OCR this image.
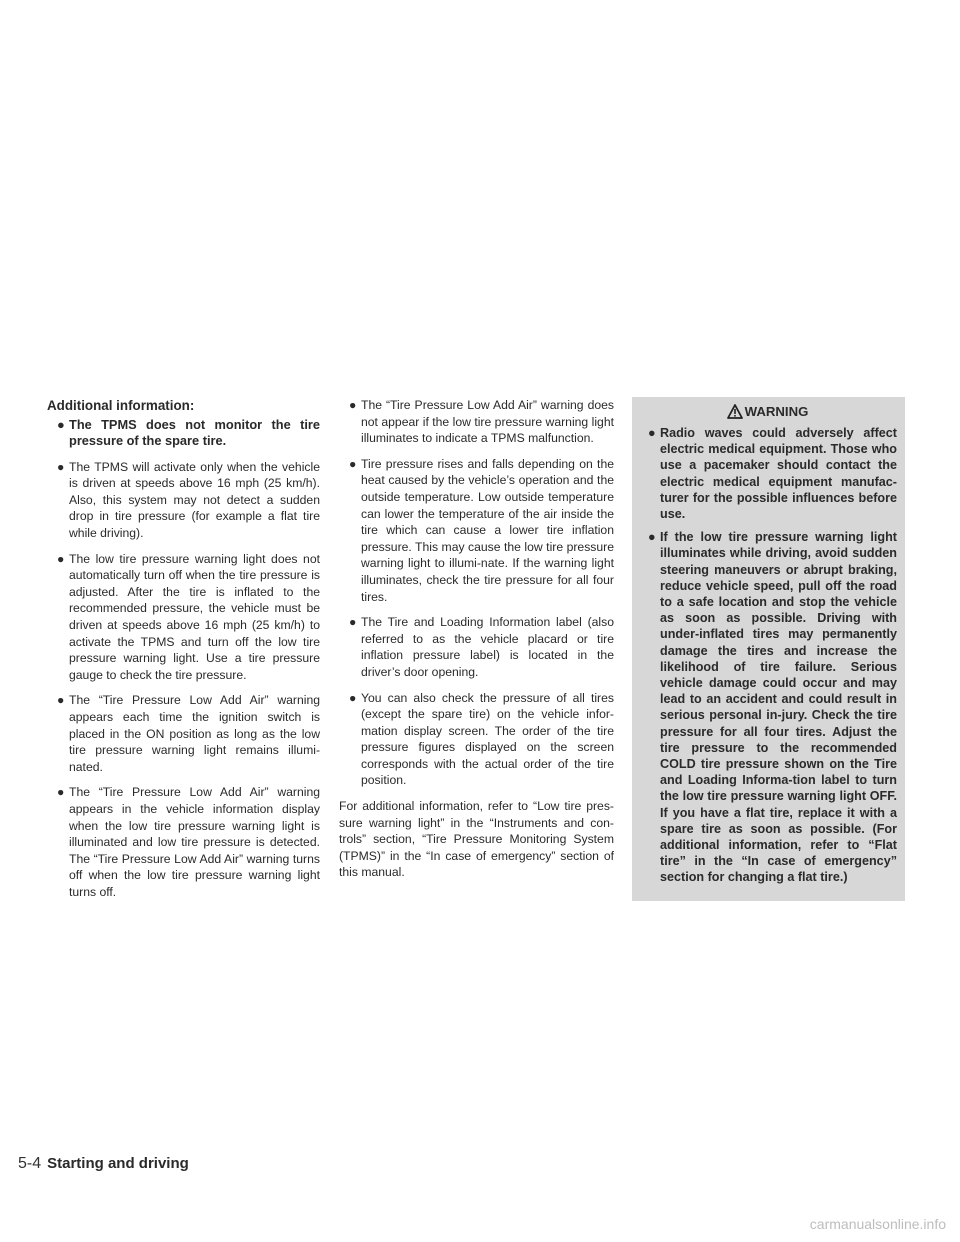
Additional information:
● The TPMS does not monitor the tire pressure of the spare tire.
● The TPMS will activate only when the vehicle is driven at speeds above 16 mph (25 km/h). Also, this system may not detect a sudden drop in tire pressure (for example a flat tire while driving).
● The low tire pressure warning light does not automatically turn off when the tire pressure is adjusted. After the tire is inflated to the recommended pressure, the vehicle must be driven at speeds above 16 mph (25 km/h) to activate the TPMS and turn off the low tire pressure warning light. Use a tire pressure gauge to check the tire pressure.
● The “Tire Pressure Low Add Air” warning appears each time the ignition switch is placed in the ON position as long as the low tire pressure warning light remains illumi-nated.
● The “Tire Pressure Low Add Air” warning appears in the vehicle information display when the low tire pressure warning light is illuminated and low tire pressure is detected. The “Tire Pressure Low Add Air” warning turns off when the low tire pressure warning light turns off.
● The “Tire Pressure Low Add Air” warning does not appear if the low tire pressure warning light illuminates to indicate a TPMS malfunction.
● Tire pressure rises and falls depending on the heat caused by the vehicle’s operation and the outside temperature. Low outside temperature can lower the temperature of the air inside the tire which can cause a lower tire inflation pressure. This may cause the low tire pressure warning light to illumi-nate. If the warning light illuminates, check the tire pressure for all four tires.
● The Tire and Loading Information label (also referred to as the vehicle placard or tire inflation pressure label) is located in the driver’s door opening.
● You can also check the pressure of all tires (except the spare tire) on the vehicle infor-mation display screen. The order of the tire pressure figures displayed on the screen corresponds with the actual order of the tire position.
For additional information, refer to “Low tire pres-sure warning light” in the “Instruments and con-trols” section, “Tire Pressure Monitoring System (TPMS)” in the “In case of emergency” section of this manual.
WARNING
● Radio waves could adversely affect electric medical equipment. Those who use a pacemaker should contact the electric medical equipment manufac-turer for the possible influences before use.
● If the low tire pressure warning light illuminates while driving, avoid sudden steering maneuvers or abrupt braking, reduce vehicle speed, pull off the road to a safe location and stop the vehicle as soon as possible. Driving with under-inflated tires may permanently damage the tires and increase the likelihood of tire failure. Serious vehicle damage could occur and may lead to an accident and could result in serious personal in-jury. Check the tire pressure for all four tires. Adjust the tire pressure to the recommended COLD tire pressure shown on the Tire and Loading Informa-tion label to turn the low tire pressure warning light OFF. If you have a flat tire, replace it with a spare tire as soon as possible. (For additional information, refer to “Flat tire” in the “In case of emergency” section for changing a flat tire.)
5-4 Starting and driving
carmanualsonline.info
